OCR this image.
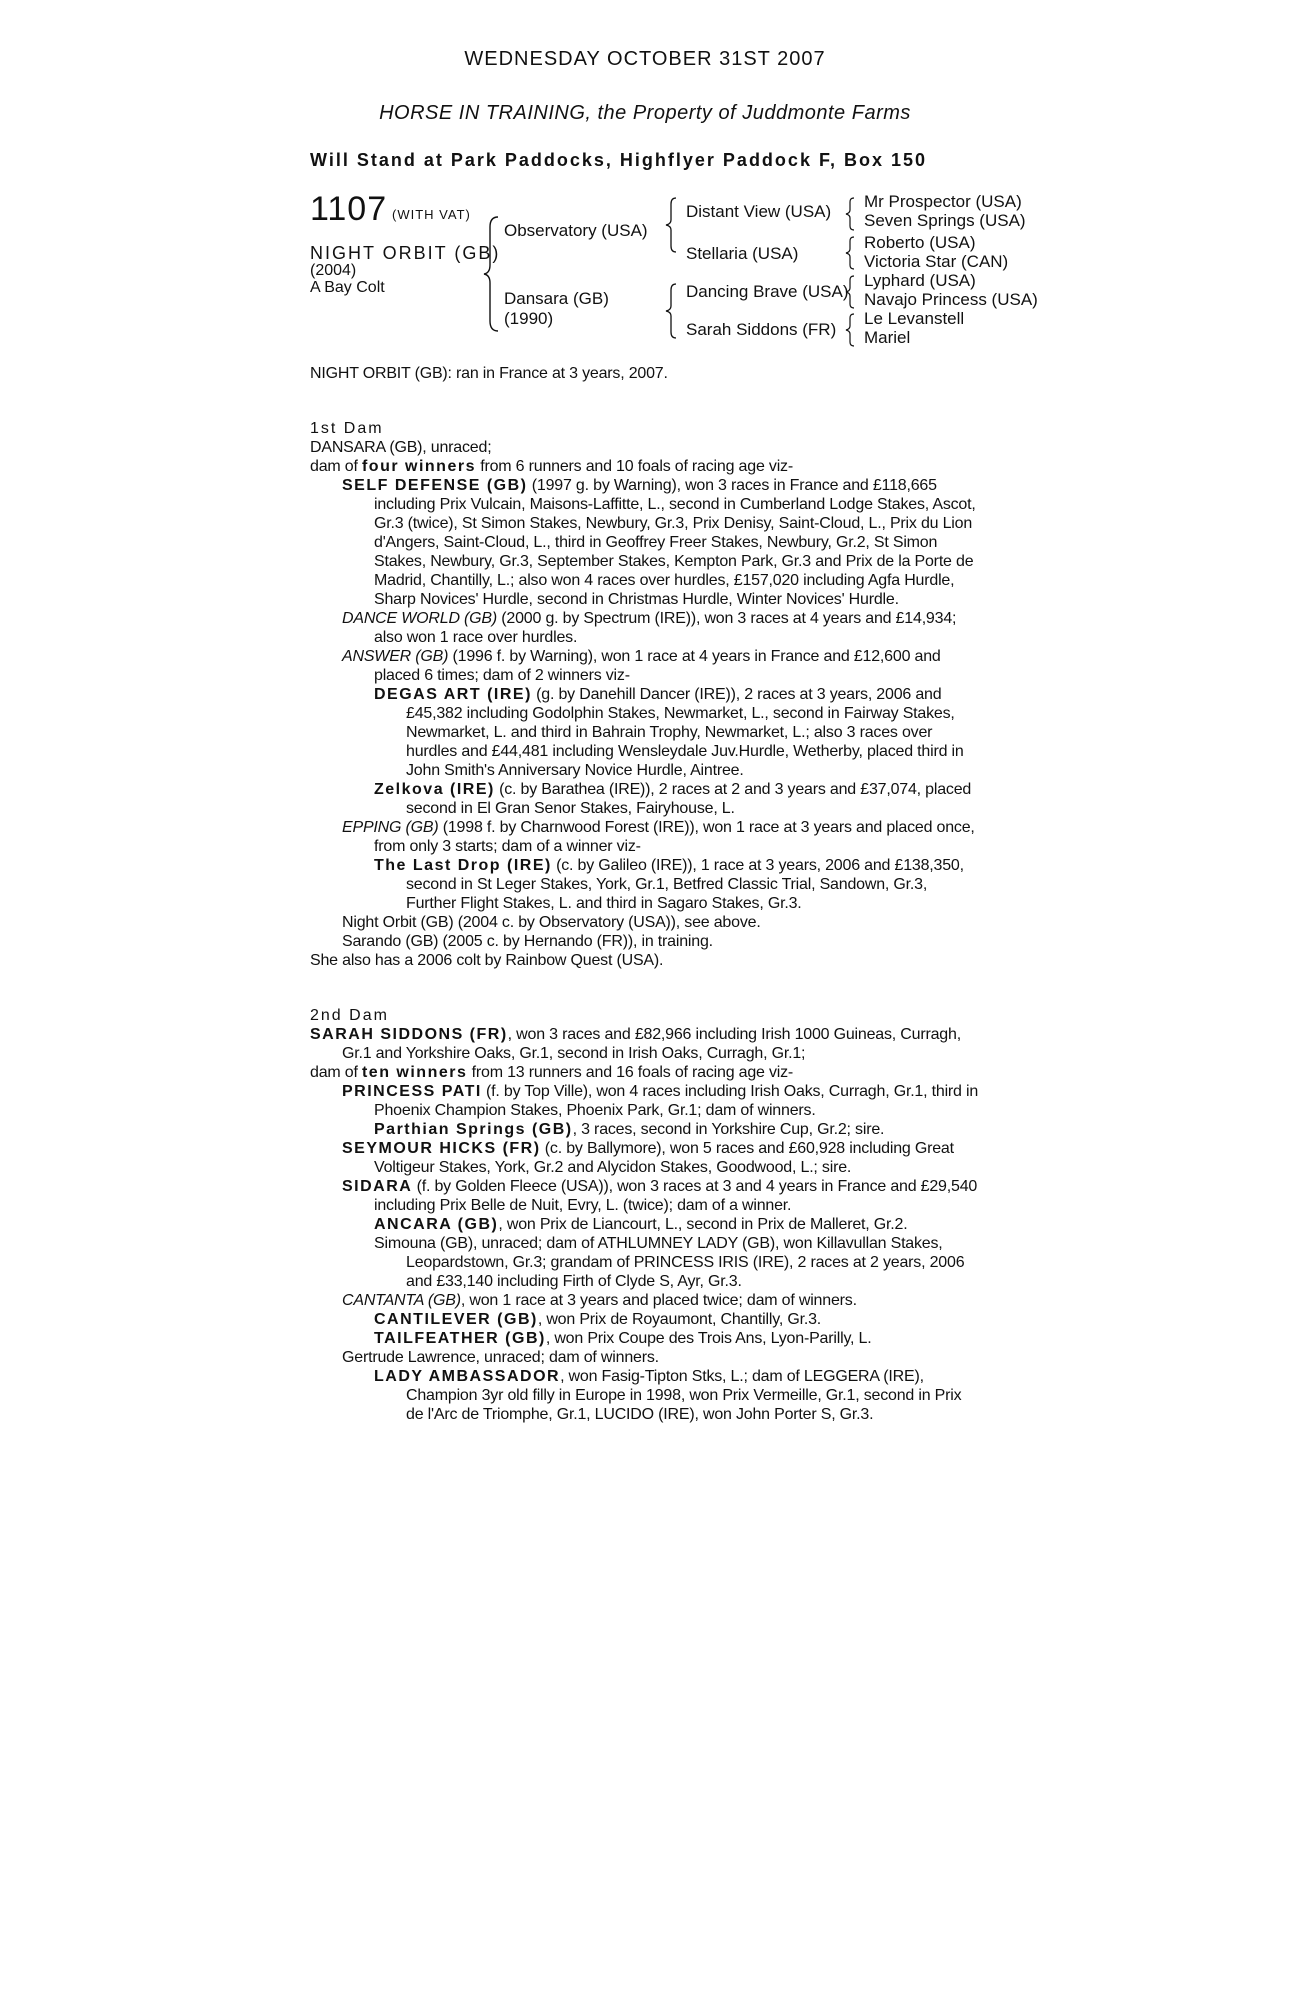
WEDNESDAY OCTOBER 31ST 2007
HORSE IN TRAINING, the Property of Juddmonte Farms
Will Stand at Park Paddocks, Highflyer Paddock F, Box 150
1107 (WITH VAT)
NIGHT ORBIT (GB)
(2004)
A Bay Colt
Observatory (USA)
Dansara (GB)
(1990)
Distant View (USA)
Stellaria (USA)
Dancing Brave (USA)
Sarah Siddons (FR)
Mr Prospector (USA)
Seven Springs (USA)
Roberto (USA)
Victoria Star (CAN)
Lyphard (USA)
Navajo Princess (USA)
Le Levanstell
Mariel
NIGHT ORBIT (GB): ran in France at 3 years, 2007.
1st Dam
DANSARA (GB), unraced;
dam of four winners from 6 runners and 10 foals of racing age viz-
SELF DEFENSE (GB) (1997 g. by Warning), won 3 races in France and £118,665 including Prix Vulcain, Maisons-Laffitte, L., second in Cumberland Lodge Stakes, Ascot, Gr.3 (twice), St Simon Stakes, Newbury, Gr.3, Prix Denisy, Saint-Cloud, L., Prix du Lion d'Angers, Saint-Cloud, L., third in Geoffrey Freer Stakes, Newbury, Gr.2, St Simon Stakes, Newbury, Gr.3, September Stakes, Kempton Park, Gr.3 and Prix de la Porte de Madrid, Chantilly, L.; also won 4 races over hurdles, £157,020 including Agfa Hurdle, Sharp Novices' Hurdle, second in Christmas Hurdle, Winter Novices' Hurdle.
DANCE WORLD (GB) (2000 g. by Spectrum (IRE)), won 3 races at 4 years and £14,934; also won 1 race over hurdles.
ANSWER (GB) (1996 f. by Warning), won 1 race at 4 years in France and £12,600 and placed 6 times; dam of 2 winners viz-
DEGAS ART (IRE) (g. by Danehill Dancer (IRE)), 2 races at 3 years, 2006 and £45,382 including Godolphin Stakes, Newmarket, L., second in Fairway Stakes, Newmarket, L. and third in Bahrain Trophy, Newmarket, L.; also 3 races over hurdles and £44,481 including Wensleydale Juv.Hurdle, Wetherby, placed third in John Smith's Anniversary Novice Hurdle, Aintree.
Zelkova (IRE) (c. by Barathea (IRE)), 2 races at 2 and 3 years and £37,074, placed second in El Gran Senor Stakes, Fairyhouse, L.
EPPING (GB) (1998 f. by Charnwood Forest (IRE)), won 1 race at 3 years and placed once, from only 3 starts; dam of a winner viz-
The Last Drop (IRE) (c. by Galileo (IRE)), 1 race at 3 years, 2006 and £138,350, second in St Leger Stakes, York, Gr.1, Betfred Classic Trial, Sandown, Gr.3, Further Flight Stakes, L. and third in Sagaro Stakes, Gr.3.
Night Orbit (GB) (2004 c. by Observatory (USA)), see above.
Sarando (GB) (2005 c. by Hernando (FR)), in training.
She also has a 2006 colt by Rainbow Quest (USA).
2nd Dam
SARAH SIDDONS (FR), won 3 races and £82,966 including Irish 1000 Guineas, Curragh, Gr.1 and Yorkshire Oaks, Gr.1, second in Irish Oaks, Curragh, Gr.1;
dam of ten winners from 13 runners and 16 foals of racing age viz-
PRINCESS PATI (f. by Top Ville), won 4 races including Irish Oaks, Curragh, Gr.1, third in Phoenix Champion Stakes, Phoenix Park, Gr.1; dam of winners.
Parthian Springs (GB), 3 races, second in Yorkshire Cup, Gr.2; sire.
SEYMOUR HICKS (FR) (c. by Ballymore), won 5 races and £60,928 including Great Voltigeur Stakes, York, Gr.2 and Alycidon Stakes, Goodwood, L.; sire.
SIDARA (f. by Golden Fleece (USA)), won 3 races at 3 and 4 years in France and £29,540 including Prix Belle de Nuit, Evry, L. (twice); dam of a winner.
ANCARA (GB), won Prix de Liancourt, L., second in Prix de Malleret, Gr.2.
Simouna (GB), unraced; dam of ATHLUMNEY LADY (GB), won Killavullan Stakes, Leopardstown, Gr.3; grandam of PRINCESS IRIS (IRE), 2 races at 2 years, 2006 and £33,140 including Firth of Clyde S, Ayr, Gr.3.
CANTANTA (GB), won 1 race at 3 years and placed twice; dam of winners.
CANTILEVER (GB), won Prix de Royaumont, Chantilly, Gr.3.
TAILFEATHER (GB), won Prix Coupe des Trois Ans, Lyon-Parilly, L.
Gertrude Lawrence, unraced; dam of winners.
LADY AMBASSADOR, won Fasig-Tipton Stks, L.; dam of LEGGERA (IRE), Champion 3yr old filly in Europe in 1998, won Prix Vermeille, Gr.1, second in Prix de l'Arc de Triomphe, Gr.1, LUCIDO (IRE), won John Porter S, Gr.3.
